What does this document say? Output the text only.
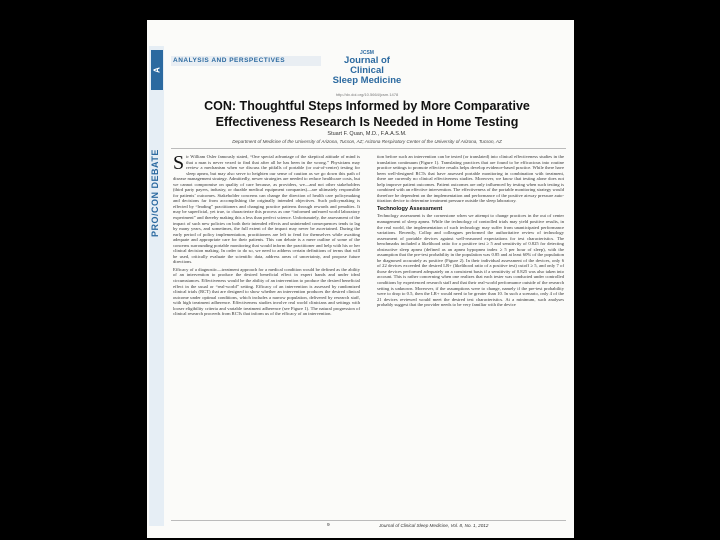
A
PRO/CON DEBATE
ANALYSIS AND PERSPECTIVES
JCSM
Journal of Clinical
Sleep Medicine
http://dx.doi.org/10.5664/jcsm.1478
CON: Thoughtful Steps Informed by More Comparative
Effectiveness Research Is Needed in Home Testing
Stuart F. Quan, M.D., F.A.A.S.M.
Department of Medicine of the University of Arizona, Tucson, AZ; Arizona Respiratory Center of the University of Arizona, Tucson, AZ
S ir William Osler famously stated, “One special advantage of the skeptical attitude of mind is that a man is never vexed to find that after all he has been in the wrong.” Physicians may review a mechanism when we discuss the pitfalls of portable (or out-of-center) testing for sleep apnea, but may also serve to heighten our sense of caution as we go down this path of disease management strategy. Admittedly, newer strategies are needed to reduce healthcare costs, but we cannot compromise on quality of care because, as providers, we—and not other stakeholders (third party payers, industry, or durable medical equipment companies)—are ultimately responsible for patients’ outcomes. Stakeholder concerns can change the direction of health care policymaking and decisions far from accomplishing the originally intended objectives. Such policymaking is effected by “leading” practitioners and changing practice patterns through rewards and penalties. It may be superficial, yet true, to characterize this process as one “informed unfeared world laboratory experiment” and thereby making this a less than perfect science. Unfortunately, the assessment of the impact of such new policies on both their intended effects and unintended consequences tends to lag by many years, and sometimes, the full extent of the impact may never be ascertained. During the early period of policy implementation, practitioners are left to fend for themselves while awaiting adequate and appropriate care for their patients. This can debate is a mere outline of some of the concerns surrounding portable monitoring that would inform the practitioner and help with his or her clinical decision making. In order to do so, we need to address certain definitions of terms that will be used, critically evaluate the scientific data, address areas of uncertainty, and propose future directions.

Efficacy of a diagnostic—treatment approach for a medical condition would be defined as the ability of an intervention to produce the desired beneficial effect in expert hands and under ideal circumstances. Effectiveness would be the ability of an intervention to produce the desired beneficial effect in the usual or “real-world” setting. Efficacy of an intervention is assessed by randomized clinical trials (RCT) that are designed to show whether an intervention produces the desired clinical outcome under optimal conditions, which includes a narrow population, delivered by research staff, with high treatment adherence. Effectiveness studies involve real world clinicians and settings with looser eligibility criteria and variable treatment adherence (see Figure 1). The natural progression of clinical research proceeds from RCTs that inform us of the efficacy of an intervention.

tion before such an intervention can be tested (or translated) into clinical effectiveness studies in the translation continuum (Figure 1). Translating practices that are found to be efficacious into routine practice settings to promote effective results helps develop evidence-based practice. While there have been well-designed RCTs that have assessed portable monitoring in combination with treatment, there are currently no clinical effectiveness studies. Moreover, we know that testing alone does not help improve patient outcomes. Patient outcomes are only influenced by testing when such testing is combined with an effective intervention. The effectiveness of the portable monitoring strategy would therefore be dependent on the implementation and performance of the positive airway pressure auto-titration device to determine treatment pressure outside the sleep laboratory.

Technology Assessment

Technology assessment is the cornerstone when we attempt to change practices in the out of center management of sleep apnea. While the technology of controlled trials may yield positive results, in the real world, the implementation of such technology may suffer from unanticipated performance variations. Recently, Collop and colleagues performed the authoritative review of technology assessment of portable devices against well-reasoned expectations for test characteristics. The benchmarks included a likelihood ratio for a positive test ≥ 5 and sensitivity of 0.825 for detecting obstructive sleep apnea (defined as an apnea hypopnea index ≥ 5 per hour of sleep), with the assumption that the pre-test probability in the population was 0.85 and at least 60% of the population be diagnosed accurately as positive (Figure 2). In their individual assessment of the devices, only 6 of 22 devices exceeded the desired LR+ (likelihood ratio of a positive test) cutoff ≥ 5, and only 7 of those devices performed adequately on a consistent basis if a sensitivity of 0.825 was also taken into account. This is rather concerning when one realizes that each tester was conducted under controlled conditions by experienced research staff and that their real-world performance outside of the research setting is unknown. Moreover, if the assumptions were to change, namely if the pre-test probability were to drop to 0.5, then the LR+ would need to be greater than 10. In such a scenario, only 4 of the 21 devices reviewed would meet the desired test characteristics. At a minimum, such analyses probably suggest that the provider needs to be very familiar with the device

9	Journal of Clinical Sleep Medicine, Vol. 8, No. 1, 2012
